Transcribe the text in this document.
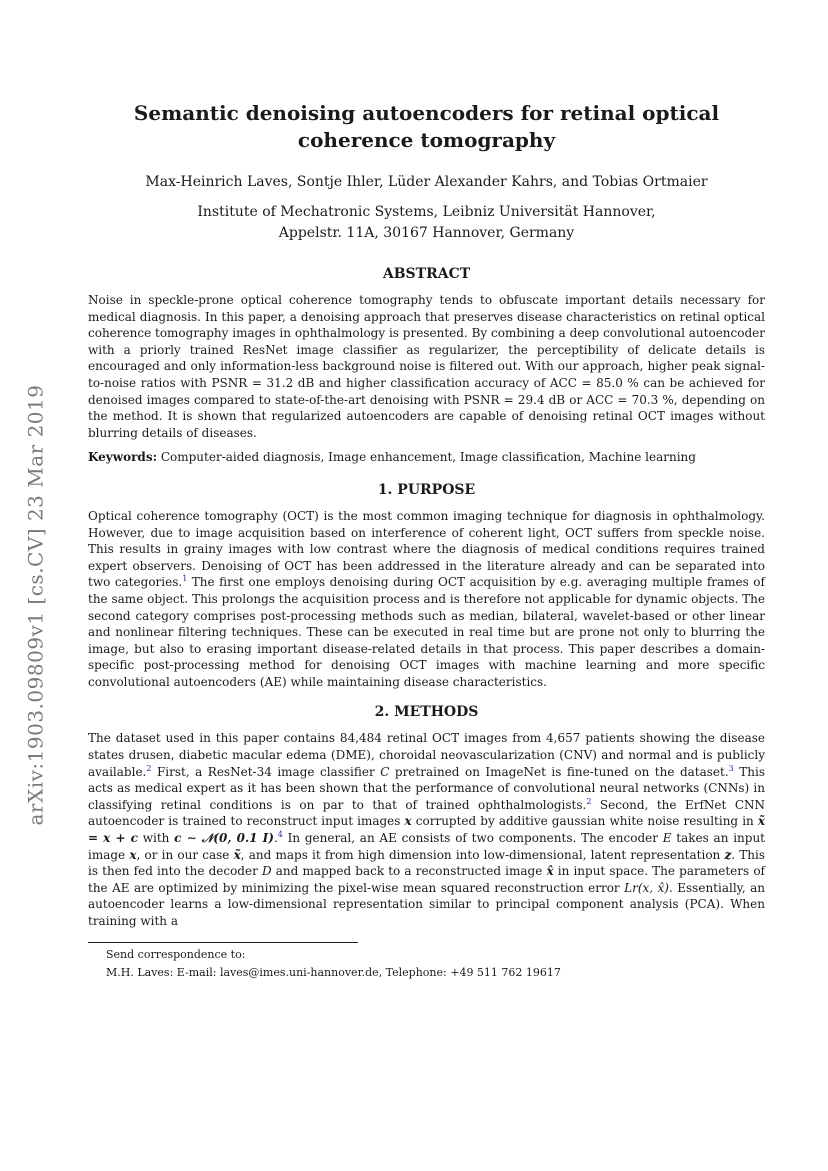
arXiv:1903.09809v1 [cs.CV] 23 Mar 2019
Semantic denoising autoencoders for retinal optical coherence tomography
Max-Heinrich Laves, Sontje Ihler, Lüder Alexander Kahrs, and Tobias Ortmaier
Institute of Mechatronic Systems, Leibniz Universität Hannover,
Appelstr. 11A, 30167 Hannover, Germany
ABSTRACT

Noise in speckle-prone optical coherence tomography tends to obfuscate important details necessary for medical diagnosis. In this paper, a denoising approach that preserves disease characteristics on retinal optical coherence tomography images in ophthalmology is presented. By combining a deep convolutional autoencoder with a priorly trained ResNet image classifier as regularizer, the perceptibility of delicate details is encouraged and only information-less background noise is filtered out. With our approach, higher peak signal-to-noise ratios with PSNR = 31.2 dB and higher classification accuracy of ACC = 85.0 % can be achieved for denoised images compared to state-of-the-art denoising with PSNR = 29.4 dB or ACC = 70.3 %, depending on the method. It is shown that regularized autoencoders are capable of denoising retinal OCT images without blurring details of diseases.

Keywords: Computer-aided diagnosis, Image enhancement, Image classification, Machine learning

1. PURPOSE

Optical coherence tomography (OCT) is the most common imaging technique for diagnosis in ophthalmology. However, due to image acquisition based on interference of coherent light, OCT suffers from speckle noise. This results in grainy images with low contrast where the diagnosis of medical conditions requires trained expert observers. Denoising of OCT has been addressed in the literature already and can be separated into two categories.$^1$ The first one employs denoising during OCT acquisition by e.g. averaging multiple frames of the same object. This prolongs the acquisition process and is therefore not applicable for dynamic objects. The second category comprises post-processing methods such as median, bilateral, wavelet-based or other linear and nonlinear filtering techniques. These can be executed in real time but are prone not only to blurring the image, but also to erasing important disease-related details in that process. This paper describes a domain-specific post-processing method for denoising OCT images with machine learning and more specific convolutional autoencoders (AE) while maintaining disease characteristics.

2. METHODS

The dataset used in this paper contains 84,484 retinal OCT images from 4,657 patients showing the disease states drusen, diabetic macular edema (DME), choroidal neovascularization (CNV) and normal and is publicly available.$^2$ First, a ResNet-34 image classifier C pretrained on ImageNet is fine-tuned on the dataset.$^3$ This acts as medical expert as it has been shown that the performance of convolutional neural networks (CNNs) in classifying retinal conditions is on par to that of trained ophthalmologists.$^2$ Second, the ErfNet CNN autoencoder is trained to reconstruct input images x corrupted by additive gaussian white noise resulting in x̃ = x + c with c ∼ 𝒩(0, 0.1 I).$^4$ In general, an AE consists of two components. The encoder E takes an input image x, or in our case x̃, and maps it from high dimension into low-dimensional, latent representation z. This is then fed into the decoder D and mapped back to a reconstructed image x̂ in input space. The parameters of the AE are optimized by minimizing the pixel-wise mean squared reconstruction error Lr(x, x̂). Essentially, an autoencoder learns a low-dimensional representation similar to principal component analysis (PCA). When training with a

Send correspondence to:
M.H. Laves: E-mail: laves@imes.uni-hannover.de, Telephone: +49 511 762 19617
